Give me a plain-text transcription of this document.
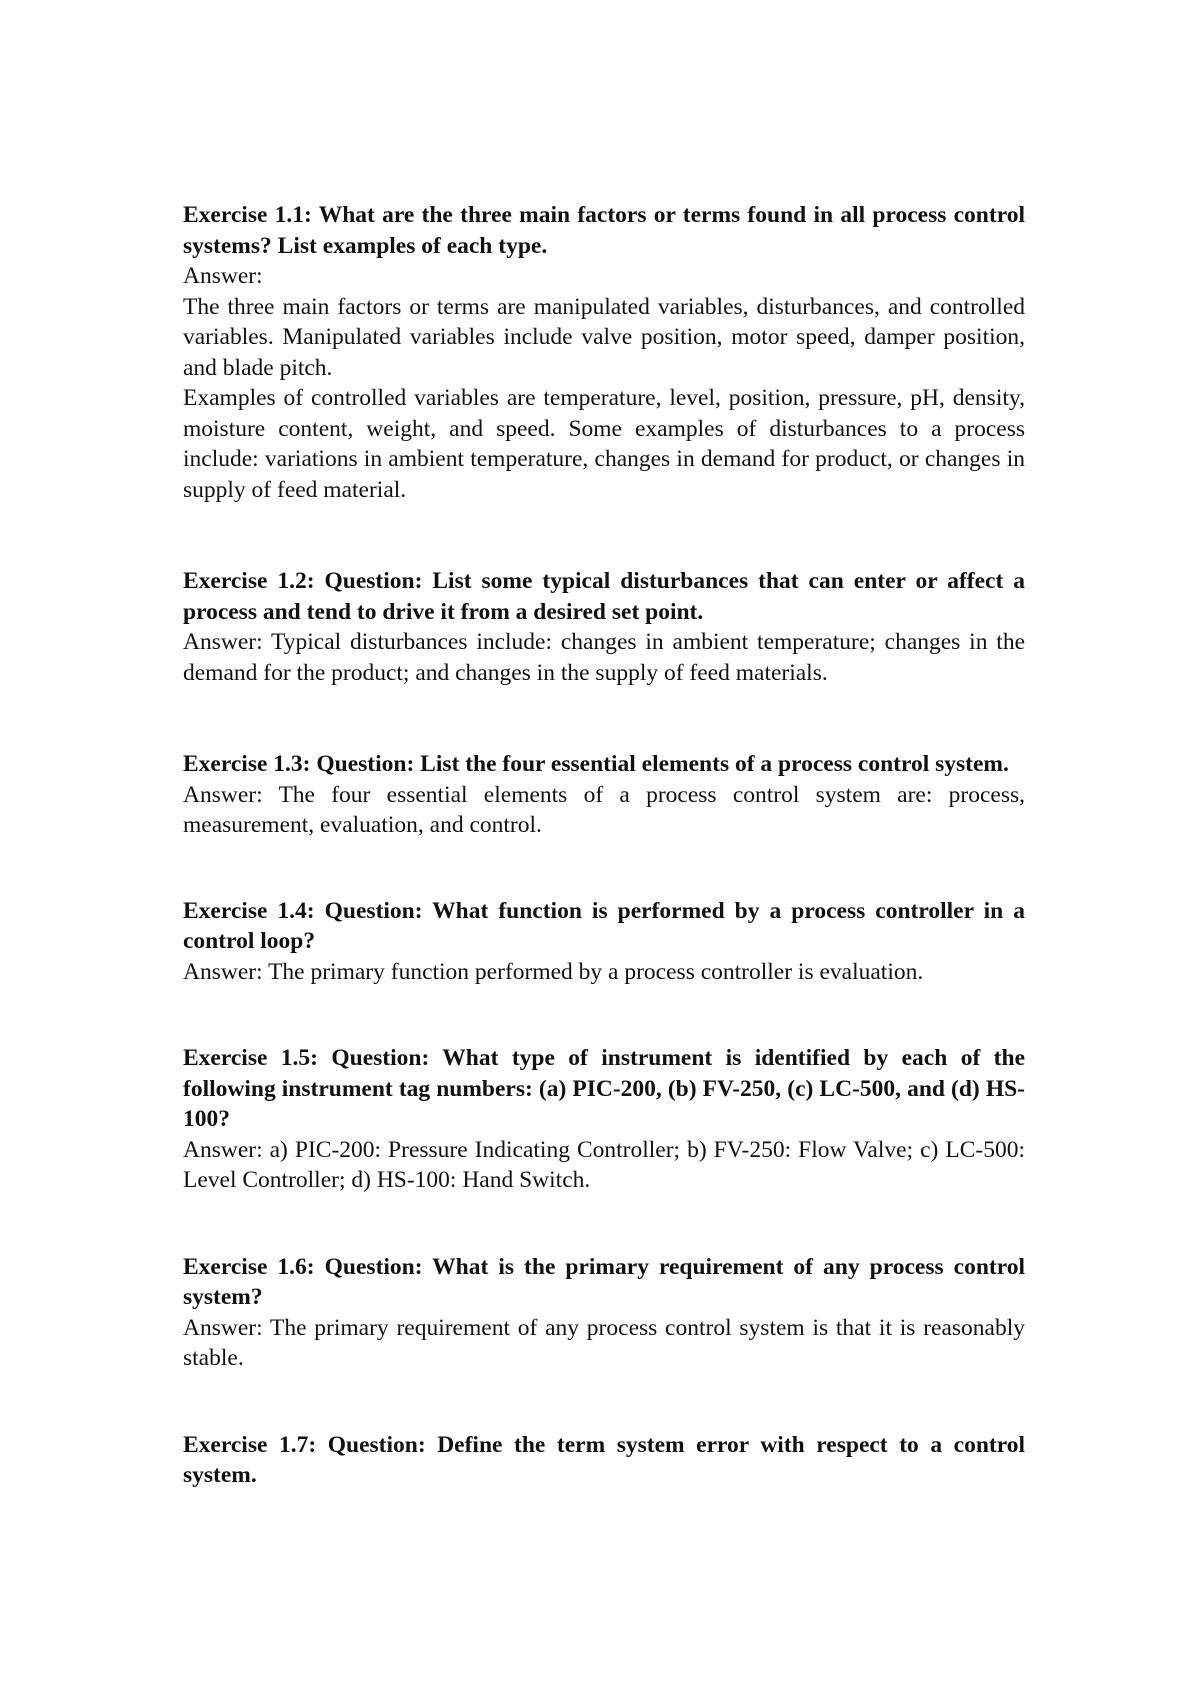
Exercise 1.1: What are the three main factors or terms found in all process control systems? List examples of each type.

Answer:

The three main factors or terms are manipulated variables, disturbances, and controlled variables. Manipulated variables include valve position, motor speed, damper position, and blade pitch.

Examples of controlled variables are temperature, level, position, pressure, pH, density, moisture content, weight, and speed. Some examples of disturbances to a process include: variations in ambient temperature, changes in demand for product, or changes in supply of feed material.

Exercise 1.2: Question: List some typical disturbances that can enter or affect a process and tend to drive it from a desired set point.

Answer: Typical disturbances include: changes in ambient temperature; changes in the demand for the product; and changes in the supply of feed materials.

Exercise 1.3: Question: List the four essential elements of a process control system.

Answer: The four essential elements of a process control system are: process, measurement, evaluation, and control.

Exercise 1.4: Question: What function is performed by a process controller in a control loop?

Answer: The primary function performed by a process controller is evaluation.

Exercise 1.5: Question: What type of instrument is identified by each of the following instrument tag numbers: (a) PIC-200, (b) FV-250, (c) LC-500, and (d) HS-100?

Answer: a) PIC-200: Pressure Indicating Controller; b) FV-250: Flow Valve; c) LC-500: Level Controller; d) HS-100: Hand Switch.

Exercise 1.6: Question: What is the primary requirement of any process control system?

Answer: The primary requirement of any process control system is that it is reasonably stable.

Exercise 1.7: Question: Define the term system error with respect to a control system.
